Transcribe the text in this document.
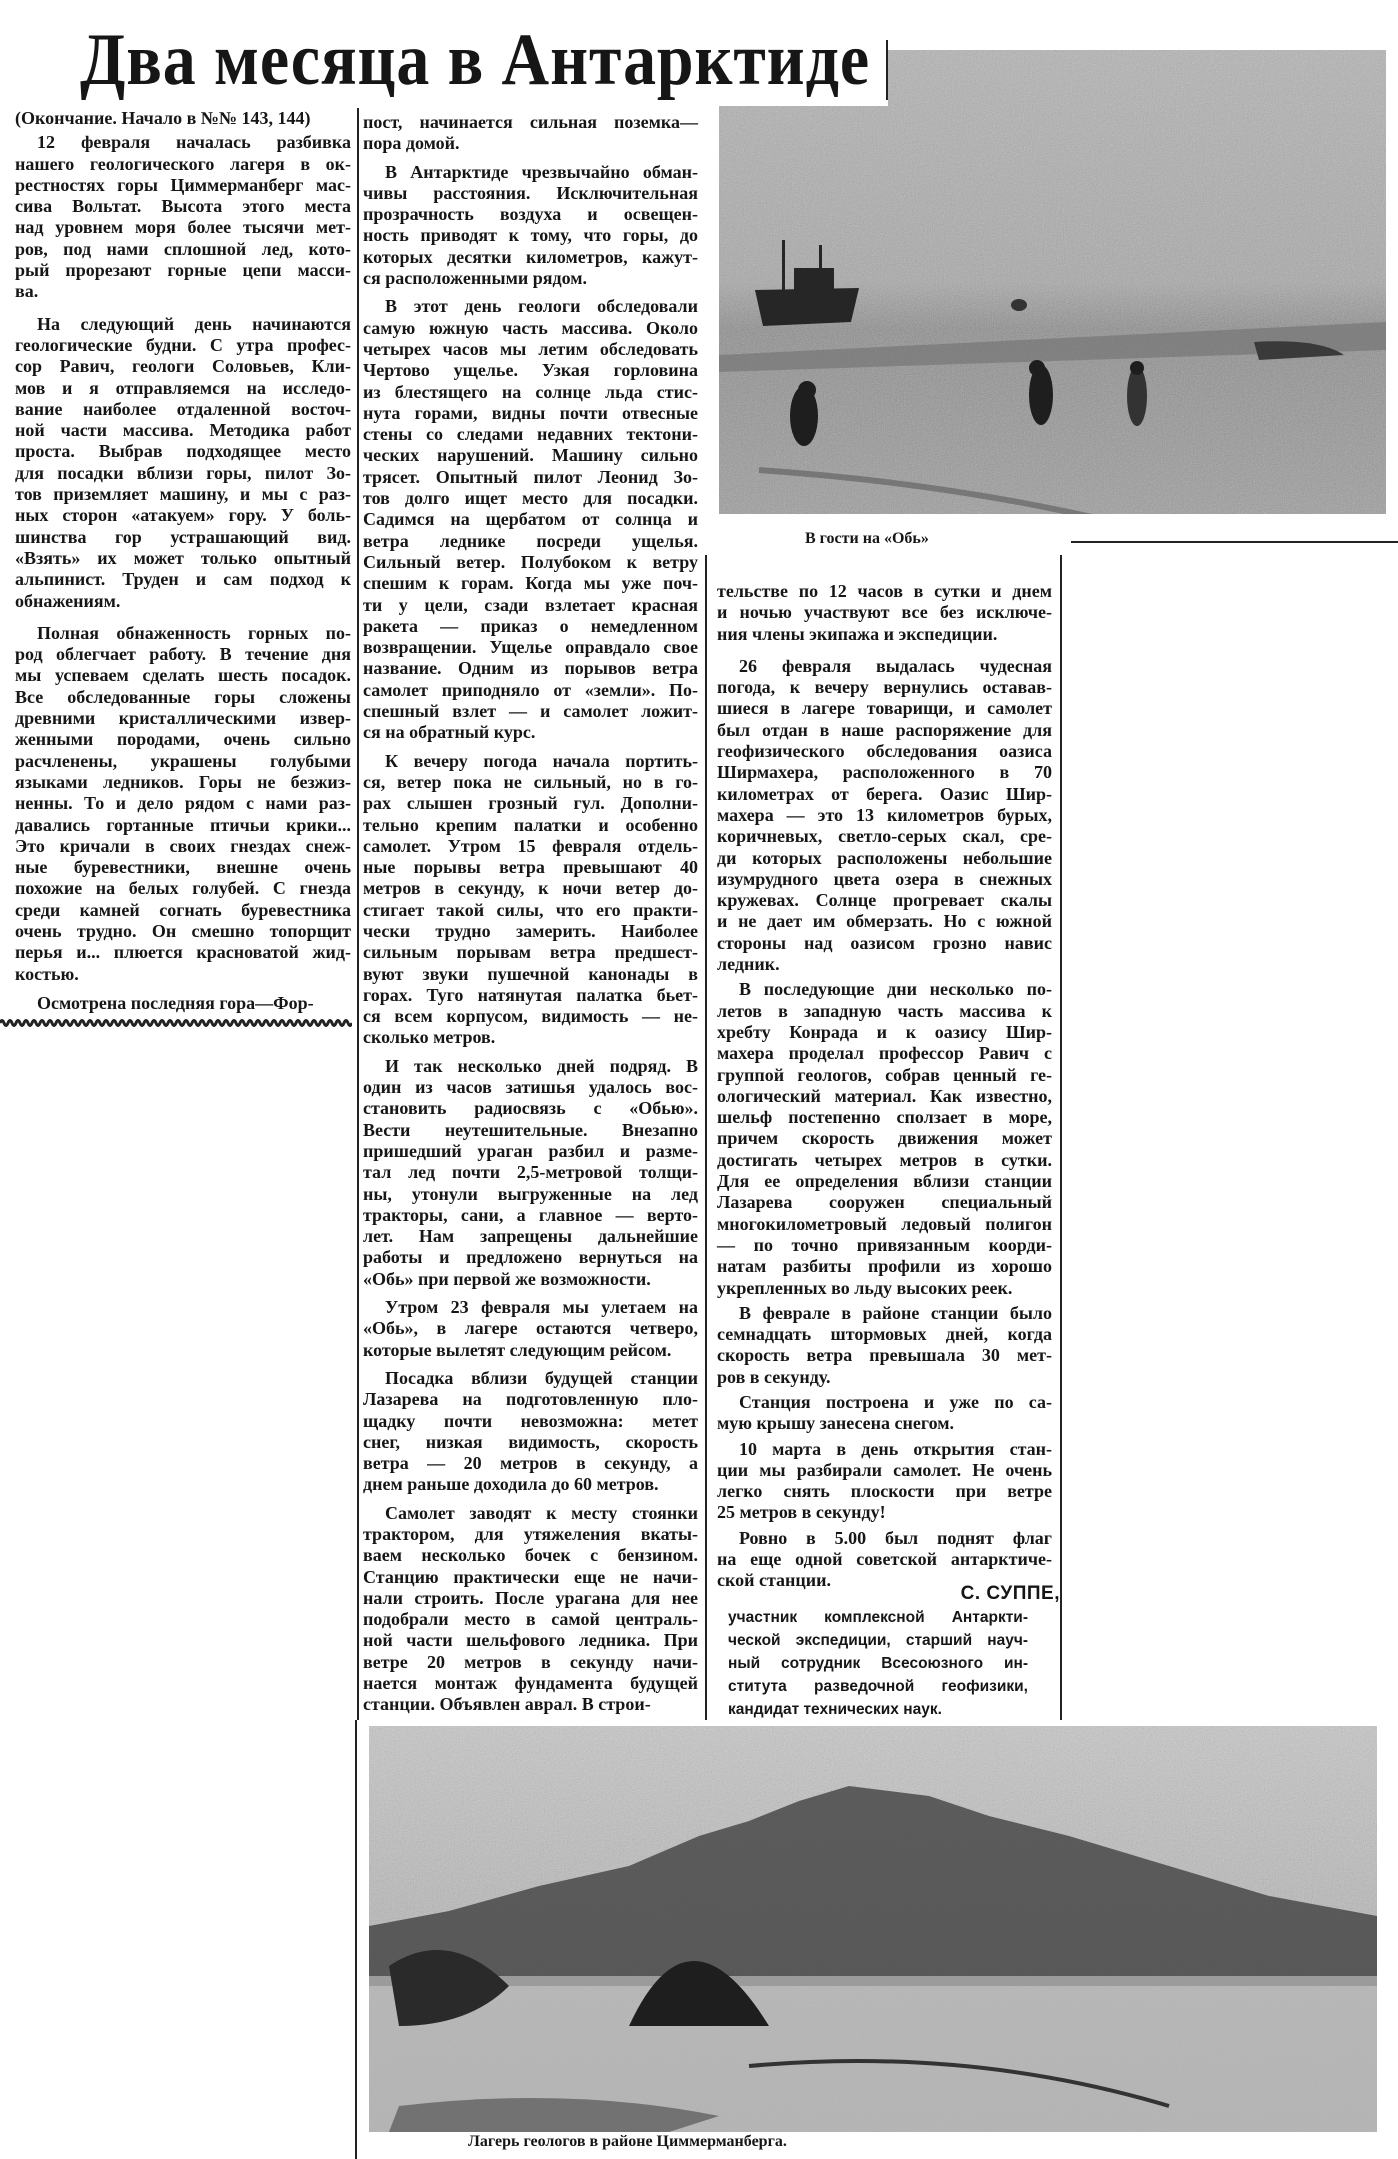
Два месяца в Антарктиде
В гости на «Обь»
(Окончание. Начало в №№ 143, 144)
12 февраля началась разбивка
нашего геологического лагеря в ок-
рестностях горы Циммерманберг мас-
сива Вольтат. Высота этого места
над уровнем моря более тысячи мет-
ров, под нами сплошной лед, кото-
рый прорезают горные цепи масси-
ва.
На следующий день начинаются
геологические будни. С утра профес-
сор Равич, геологи Соловьев, Кли-
мов и я отправляемся на исследо-
вание наиболее отдаленной восточ-
ной части массива. Методика работ
проста. Выбрав подходящее место
для посадки вблизи горы, пилот Зо-
тов приземляет машину, и мы с раз-
ных сторон «атакуем» гору. У боль-
шинства гор устрашающий вид.
«Взять» их может только опытный
альпинист. Труден и сам подход к
обнажениям.
Полная обнаженность горных по-
род облегчает работу. В течение дня
мы успеваем сделать шесть посадок.
Все обследованные горы сложены
древними кристаллическими извер-
женными породами, очень сильно
расчленены, украшены голубыми
языками ледников. Горы не безжиз-
ненны. То и дело рядом с нами раз-
давались гортанные птичьи крики...
Это кричали в своих гнездах снеж-
ные буревестники, внешне очень
похожие на белых голубей. С гнезда
среди камней согнать буревестника
очень трудно. Он смешно топорщит
перья и... плюется красноватой жид-
костью.
Осмотрена последняя гора—Фор-
пост, начинается сильная поземка—
пора домой.
В Антарктиде чрезвычайно обман-
чивы расстояния. Исключительная
прозрачность воздуха и освещен-
ность приводят к тому, что горы, до
которых десятки километров, кажут-
ся расположенными рядом.
В этот день геологи обследовали
самую южную часть массива. Около
четырех часов мы летим обследовать
Чертово ущелье. Узкая горловина
из блестящего на солнце льда стис-
нута горами, видны почти отвесные
стены со следами недавних тектони-
ческих нарушений. Машину сильно
трясет. Опытный пилот Леонид Зо-
тов долго ищет место для посадки.
Садимся на щербатом от солнца и
ветра леднике посреди ущелья.
Сильный ветер. Полубоком к ветру
спешим к горам. Когда мы уже поч-
ти у цели, сзади взлетает красная
ракета — приказ о немедленном
возвращении. Ущелье оправдало свое
название. Одним из порывов ветра
самолет приподняло от «земли». По-
спешный взлет — и самолет ложит-
ся на обратный курс.
К вечеру погода начала портить-
ся, ветер пока не сильный, но в го-
рах слышен грозный гул. Дополни-
тельно крепим палатки и особенно
самолет. Утром 15 февраля отдель-
ные порывы ветра превышают 40
метров в секунду, к ночи ветер до-
стигает такой силы, что его практи-
чески трудно замерить. Наиболее
сильным порывам ветра предшест-
вуют звуки пушечной канонады в
горах. Туго натянутая палатка бьет-
ся всем корпусом, видимость — не-
сколько метров.
И так несколько дней подряд. В
один из часов затишья удалось вос-
становить радиосвязь с «Обью».
Вести неутешительные. Внезапно
пришедший ураган разбил и разме-
тал лед почти 2,5-метровой толщи-
ны, утонули выгруженные на лед
тракторы, сани, а главное — верто-
лет. Нам запрещены дальнейшие
работы и предложено вернуться на
«Обь» при первой же возможности.
Утром 23 февраля мы улетаем на
«Обь», в лагере остаются четверо,
которые вылетят следующим рейсом.
Посадка вблизи будущей станции
Лазарева на подготовленную пло-
щадку почти невозможна: метет
снег, низкая видимость, скорость
ветра — 20 метров в секунду, а
днем раньше доходила до 60 метров.
Самолет заводят к месту стоянки
трактором, для утяжеления вкаты-
ваем несколько бочек с бензином.
Станцию практически еще не начи-
нали строить. После урагана для нее
подобрали место в самой централь-
ной части шельфового ледника. При
ветре 20 метров в секунду начи-
нается монтаж фундамента будущей
станции. Объявлен аврал. В строи-
тельстве по 12 часов в сутки и днем
и ночью участвуют все без исключе-
ния члены экипажа и экспедиции.
26 февраля выдалась чудесная
погода, к вечеру вернулись оставав-
шиеся в лагере товарищи, и самолет
был отдан в наше распоряжение для
геофизического обследования оазиса
Ширмахера, расположенного в 70
километрах от берега. Оазис Шир-
махера — это 13 километров бурых,
коричневых, светло-серых скал, сре-
ди которых расположены небольшие
изумрудного цвета озера в снежных
кружевах. Солнце прогревает скалы
и не дает им обмерзать. Но с южной
стороны над оазисом грозно навис
ледник.
В последующие дни несколько по-
летов в западную часть массива к
хребту Конрада и к оазису Шир-
махера проделал профессор Равич с
группой геологов, собрав ценный ге-
ологический материал. Как известно,
шельф постепенно сползает в море,
причем скорость движения может
достигать четырех метров в сутки.
Для ее определения вблизи станции
Лазарева сооружен специальный
многокилометровый ледовый полигон
— по точно привязанным коорди-
натам разбиты профили из хорошо
укрепленных во льду высоких реек.
В феврале в районе станции было
семнадцать штормовых дней, когда
скорость ветра превышала 30 мет-
ров в секунду.
Станция построена и уже по са-
мую крышу занесена снегом.
10 марта в день открытия стан-
ции мы разбирали самолет. Не очень
легко снять плоскости при ветре
25 метров в секунду!
Ровно в 5.00 был поднят флаг
на еще одной советской антарктиче-
ской станции.
С. СУППЕ,
участник комплексной Антаркти-
ческой экспедиции, старший науч-
ный сотрудник Всесоюзного ин-
ститута разведочной геофизики,
кандидат технических наук.
Лагерь геологов в районе Циммерманберга.
